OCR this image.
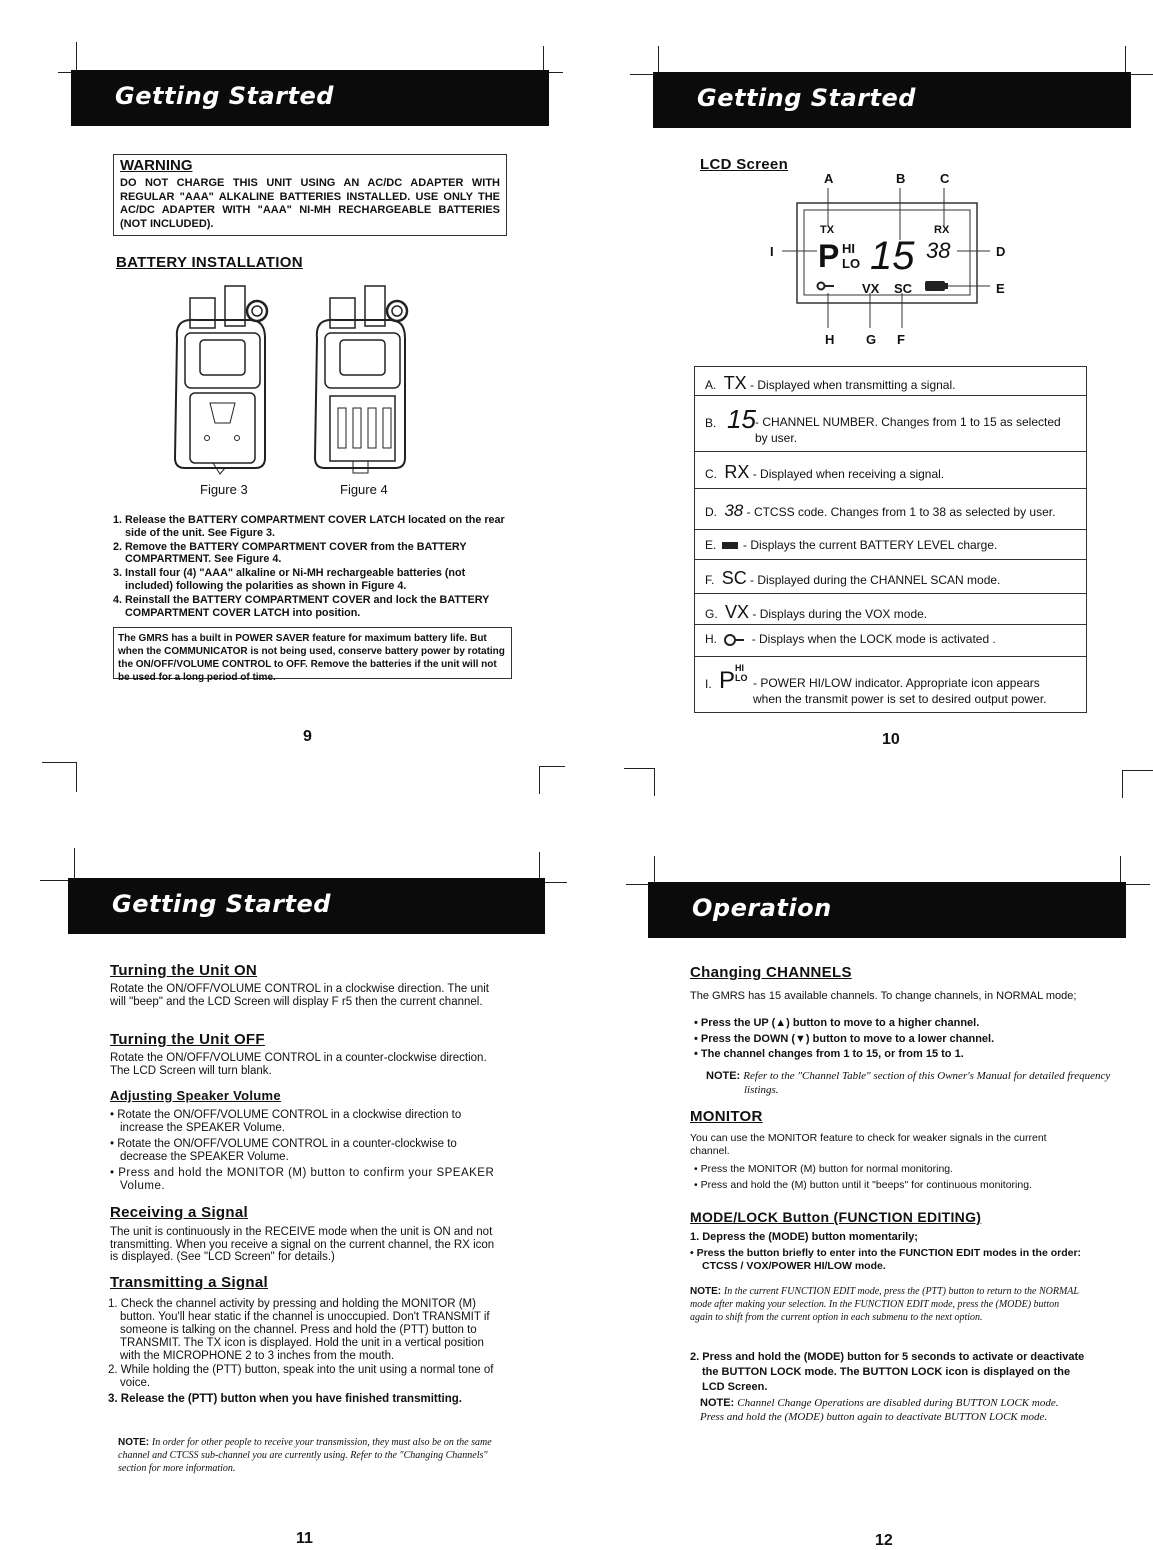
Getting Started
WARNING
DO NOT CHARGE THIS UNIT USING AN AC/DC ADAPTER WITH REGULAR "AAA" ALKALINE BATTERIES INSTALLED. USE ONLY THE AC/DC ADAPTER WITH "AAA" NI-MH RECHARGEABLE BATTERIES (NOT INCLUDED).
BATTERY INSTALLATION
Figure 3	Figure 4
1. Release the BATTERY COMPARTMENT COVER LATCH located on the rear side of the unit. See Figure 3.
2. Remove the BATTERY COMPARTMENT COVER from the BATTERY COMPARTMENT. See Figure 4.
3. Install four (4) "AAA" alkaline or Ni-MH rechargeable batteries (not included) following the polarities as shown in Figure 4.
4. Reinstall the BATTERY COMPARTMENT COVER and lock the BATTERY COMPARTMENT COVER LATCH into position.
The GMRS has a built in POWER SAVER feature for maximum battery life. But when the COMMUNICATOR is not being used, conserve battery power by rotating the ON/OFF/VOLUME CONTROL to OFF. Remove the batteries if the unit will not be used for a long period of time.
9
Getting Started
LCD Screen
A	B	C
I	D
E
H G F
TX	RX
P HI
LO 15 38
VX SC
A. TX - Displayed when transmitting a signal.
B. 15 - CHANNEL NUMBER. Changes from 1 to 15 as selected by user.
C. RX - Displayed when receiving a signal.
D. 38 - CTCSS code. Changes from 1 to 38 as selected by user.
E. - Displays the current BATTERY LEVEL charge.
F. SC - Displayed during the CHANNEL SCAN mode.
G. VX - Displays during the VOX mode.
H.	- Displays when the LOCK mode is activated .
I. P HI
LO - POWER HI/LOW indicator. Appropriate icon appears when the transmit power is set to desired output power.
10
Getting Started
Turning the Unit ON
Rotate the ON/OFF/VOLUME CONTROL in a clockwise direction. The unit will "beep" and the LCD Screen will display F r5 then the current channel.
Turning the Unit OFF
Rotate the ON/OFF/VOLUME CONTROL in a counter-clockwise direction. The LCD Screen will turn blank.
Adjusting Speaker Volume
• Rotate the ON/OFF/VOLUME CONTROL in a clockwise direction to increase the SPEAKER Volume.
• Rotate the ON/OFF/VOLUME CONTROL in a counter-clockwise to decrease the SPEAKER Volume.
• Press and hold the MONITOR (M) button to confirm your SPEAKER Volume.
Receiving a Signal
The unit is continuously in the RECEIVE mode when the unit is ON and not transmitting. When you receive a signal on the current channel, the RX icon is displayed. (See "LCD Screen" for details.)
Transmitting a Signal
1. Check the channel activity by pressing and holding the MONITOR (M) button. You'll hear static if the channel is unoccupied. Don't TRANSMIT if someone is talking on the channel. Press and hold the (PTT) button to TRANSMIT. The TX icon is displayed. Hold the unit in a vertical position with the MICROPHONE 2 to 3 inches from the mouth.
2. While holding the (PTT) button, speak into the unit using a normal tone of voice.
3. Release the (PTT) button when you have finished transmitting.
NOTE: In order for other people to receive your transmission, they must also be on the same channel and CTCSS sub-channel you are currently using. Refer to the "Changing Channels" section for more information.
11
Operation
Changing CHANNELS
The GMRS has 15 available channels. To change channels, in NORMAL mode;
• Press the UP (▲) button to move to a higher channel.
• Press the DOWN (▼) button to move to a lower channel.
• The channel changes from 1 to 15, or from 15 to 1.
NOTE: Refer to the "Channel Table" section of this Owner's Manual for detailed frequency listings.
MONITOR
You can use the MONITOR feature to check for weaker signals in the current channel.
• Press the MONITOR (M) button for normal monitoring.
• Press and hold the (M) button until it "beeps" for continuous monitoring.
MODE/LOCK Button (FUNCTION EDITING)
1. Depress the (MODE) button momentarily;
• Press the button briefly to enter into the FUNCTION EDIT modes in the order: CTCSS / VOX/POWER HI/LOW mode.
NOTE: In the current FUNCTION EDIT mode, press the (PTT) button to return to the NORMAL mode after making your selection. In the FUNCTION EDIT mode, press the (MODE) button again to shift from the current option in each submenu to the next option.
2. Press and hold the (MODE) button for 5 seconds to activate or deactivate the BUTTON LOCK mode. The BUTTON LOCK icon is displayed on the LCD Screen.
NOTE: Channel Change Operations are disabled during BUTTON LOCK mode. Press and hold the (MODE) button again to deactivate BUTTON LOCK mode.
12
